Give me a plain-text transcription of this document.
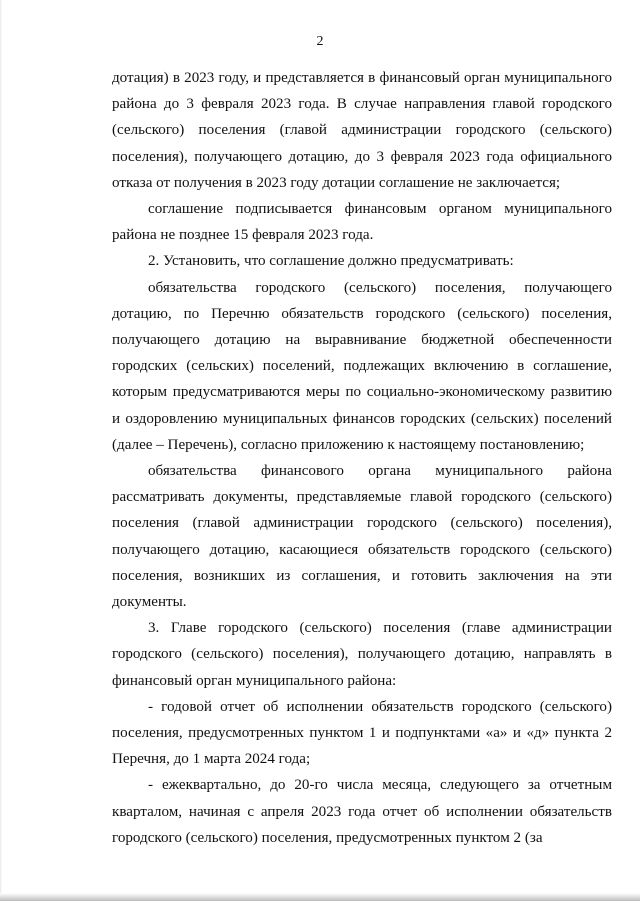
2

дотация) в 2023 году, и представляется в финансовый орган муниципального района до 3 февраля 2023 года. В случае направления главой городского (сельского) поселения (главой администрации городского (сельского) поселения), получающего дотацию, до 3 февраля 2023 года официального отказа от получения в 2023 году дотации соглашение не заключается;

соглашение подписывается финансовым органом муниципального района не позднее 15 февраля 2023 года.

2. Установить, что соглашение должно предусматривать:

обязательства городского (сельского) поселения, получающего дотацию, по Перечню обязательств городского (сельского) поселения, получающего дотацию на выравнивание бюджетной обеспеченности городских (сельских) поселений, подлежащих включению в соглашение, которым предусматриваются меры по социально-экономическому развитию и оздоровлению муниципальных финансов городских (сельских) поселений (далее – Перечень), согласно приложению к настоящему постановлению;

обязательства финансового органа муниципального района рассматривать документы, представляемые главой городского (сельского) поселения (главой администрации городского (сельского) поселения), получающего дотацию, касающиеся обязательств городского (сельского) поселения, возникших из соглашения, и готовить заключения на эти документы.

3. Главе городского (сельского) поселения (главе администрации городского (сельского) поселения), получающего дотацию, направлять в финансовый орган муниципального района:

- годовой отчет об исполнении обязательств городского (сельского) поселения, предусмотренных пунктом 1 и подпунктами «а» и «д» пункта 2 Перечня, до 1 марта 2024 года;

- ежеквартально, до 20-го числа месяца, следующего за отчетным кварталом, начиная с апреля 2023 года отчет об исполнении обязательств городского (сельского) поселения, предусмотренных пунктом 2 (за
